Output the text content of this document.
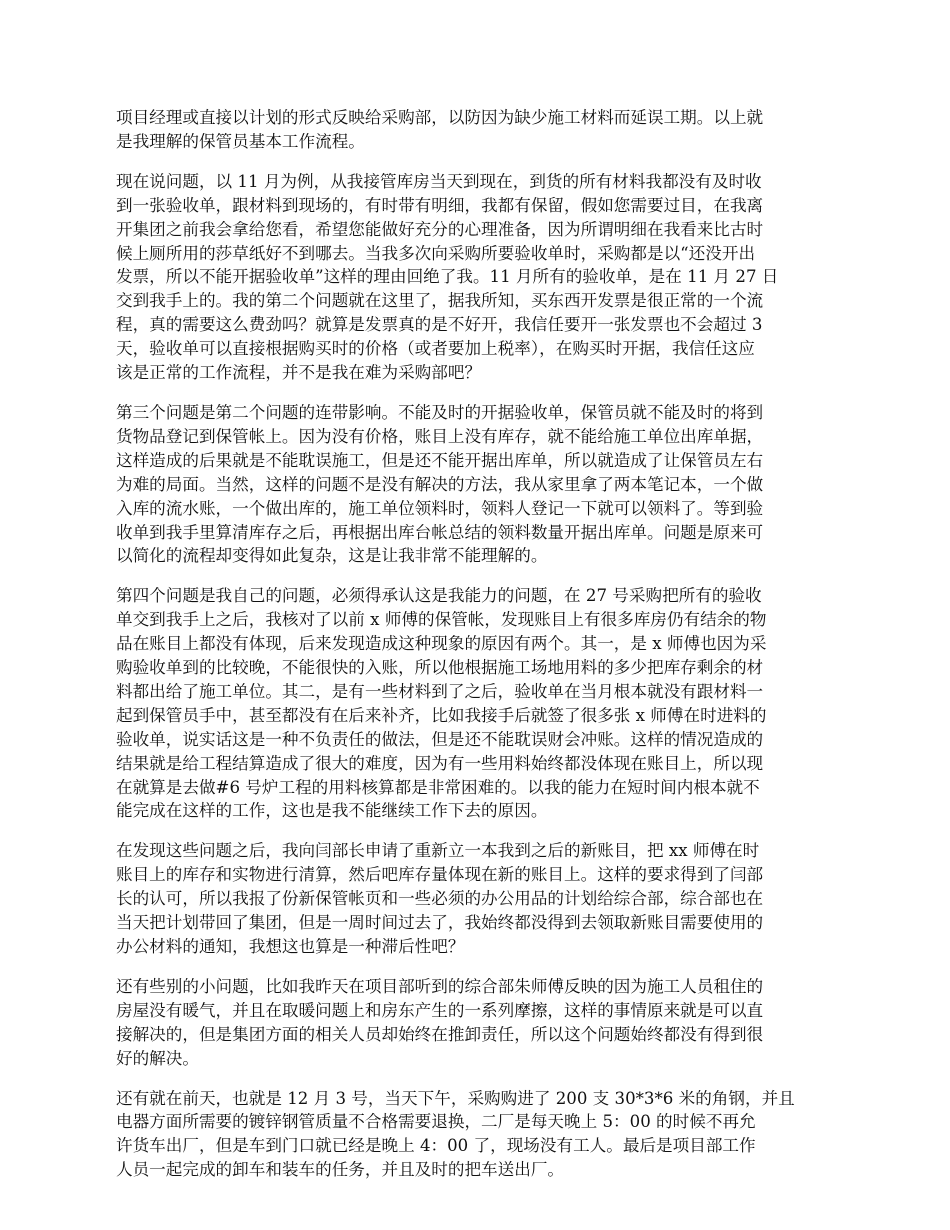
项目经理或直接以计划的形式反映给采购部，以防因为缺少施工材料而延误工期。以上就
是我理解的保管员基本工作流程。
现在说问题，以 11 月为例，从我接管库房当天到现在，到货的所有材料我都没有及时收
到一张验收单，跟材料到现场的，有时带有明细，我都有保留，假如您需要过目，在我离
开集团之前我会拿给您看，希望您能做好充分的心理准备，因为所谓明细在我看来比古时
候上厕所用的莎草纸好不到哪去。当我多次向采购所要验收单时，采购都是以“还没开出
发票，所以不能开据验收单”这样的理由回绝了我。11 月所有的验收单，是在 11 月 27 日
交到我手上的。我的第二个问题就在这里了，据我所知，买东西开发票是很正常的一个流
程，真的需要这么费劲吗？就算是发票真的是不好开，我信任要开一张发票也不会超过 3
天，验收单可以直接根据购买时的价格（或者要加上税率），在购买时开据，我信任这应
该是正常的工作流程，并不是我在难为采购部吧？
第三个问题是第二个问题的连带影响。不能及时的开据验收单，保管员就不能及时的将到
货物品登记到保管帐上。因为没有价格，账目上没有库存，就不能给施工单位出库单据，
这样造成的后果就是不能耽误施工，但是还不能开据出库单，所以就造成了让保管员左右
为难的局面。当然，这样的问题不是没有解决的方法，我从家里拿了两本笔记本，一个做
入库的流水账，一个做出库的，施工单位领料时，领料人登记一下就可以领料了。等到验
收单到我手里算清库存之后，再根据出库台帐总结的领料数量开据出库单。问题是原来可
以简化的流程却变得如此复杂，这是让我非常不能理解的。
第四个问题是我自己的问题，必须得承认这是我能力的问题，在 27 号采购把所有的验收
单交到我手上之后，我核对了以前 x 师傅的保管帐，发现账目上有很多库房仍有结余的物
品在账目上都没有体现，后来发现造成这种现象的原因有两个。其一，是 x 师傅也因为采
购验收单到的比较晚，不能很快的入账，所以他根据施工场地用料的多少把库存剩余的材
料都出给了施工单位。其二，是有一些材料到了之后，验收单在当月根本就没有跟材料一
起到保管员手中，甚至都没有在后来补齐，比如我接手后就签了很多张 x 师傅在时进料的
验收单，说实话这是一种不负责任的做法，但是还不能耽误财会冲账。这样的情况造成的
结果就是给工程结算造成了很大的难度，因为有一些用料始终都没体现在账目上，所以现
在就算是去做#6 号炉工程的用料核算都是非常困难的。以我的能力在短时间内根本就不
能完成在这样的工作，这也是我不能继续工作下去的原因。
在发现这些问题之后，我向闫部长申请了重新立一本我到之后的新账目，把 xx 师傅在时
账目上的库存和实物进行清算，然后吧库存量体现在新的账目上。这样的要求得到了闫部
长的认可，所以我报了份新保管帐页和一些必须的办公用品的计划给综合部，综合部也在
当天把计划带回了集团，但是一周时间过去了，我始终都没得到去领取新账目需要使用的
办公材料的通知，我想这也算是一种滞后性吧？
还有些别的小问题，比如我昨天在项目部听到的综合部朱师傅反映的因为施工人员租住的
房屋没有暖气，并且在取暖问题上和房东产生的一系列摩擦，这样的事情原来就是可以直
接解决的，但是集团方面的相关人员却始终在推卸责任，所以这个问题始终都没有得到很
好的解决。
还有就在前天，也就是 12 月 3 号，当天下午，采购购进了 200 支 30*3*6 米的角钢，并且
电器方面所需要的镀锌钢管质量不合格需要退换，二厂是每天晚上 5：00 的时候不再允
许货车出厂，但是车到门口就已经是晚上 4：00 了，现场没有工人。最后是项目部工作
人员一起完成的卸车和装车的任务，并且及时的把车送出厂。
